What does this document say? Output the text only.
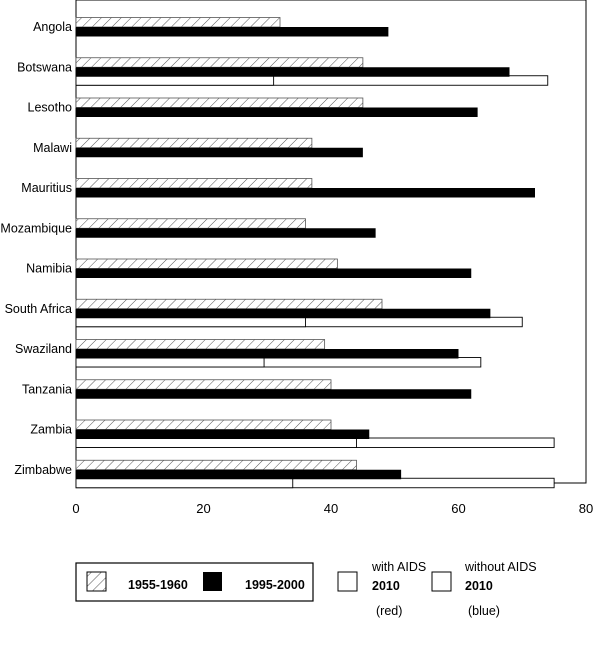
Angola
Botswana
Lesotho
Malawi
Mauritius
Mozambique
Namibia
South Africa
Swaziland
Tanzania
Zambia
Zimbabwe
0	20	40	60	80
1955-1960	1995-2000
with AIDS
2010
(red)
without AIDS
2010
(blue)
